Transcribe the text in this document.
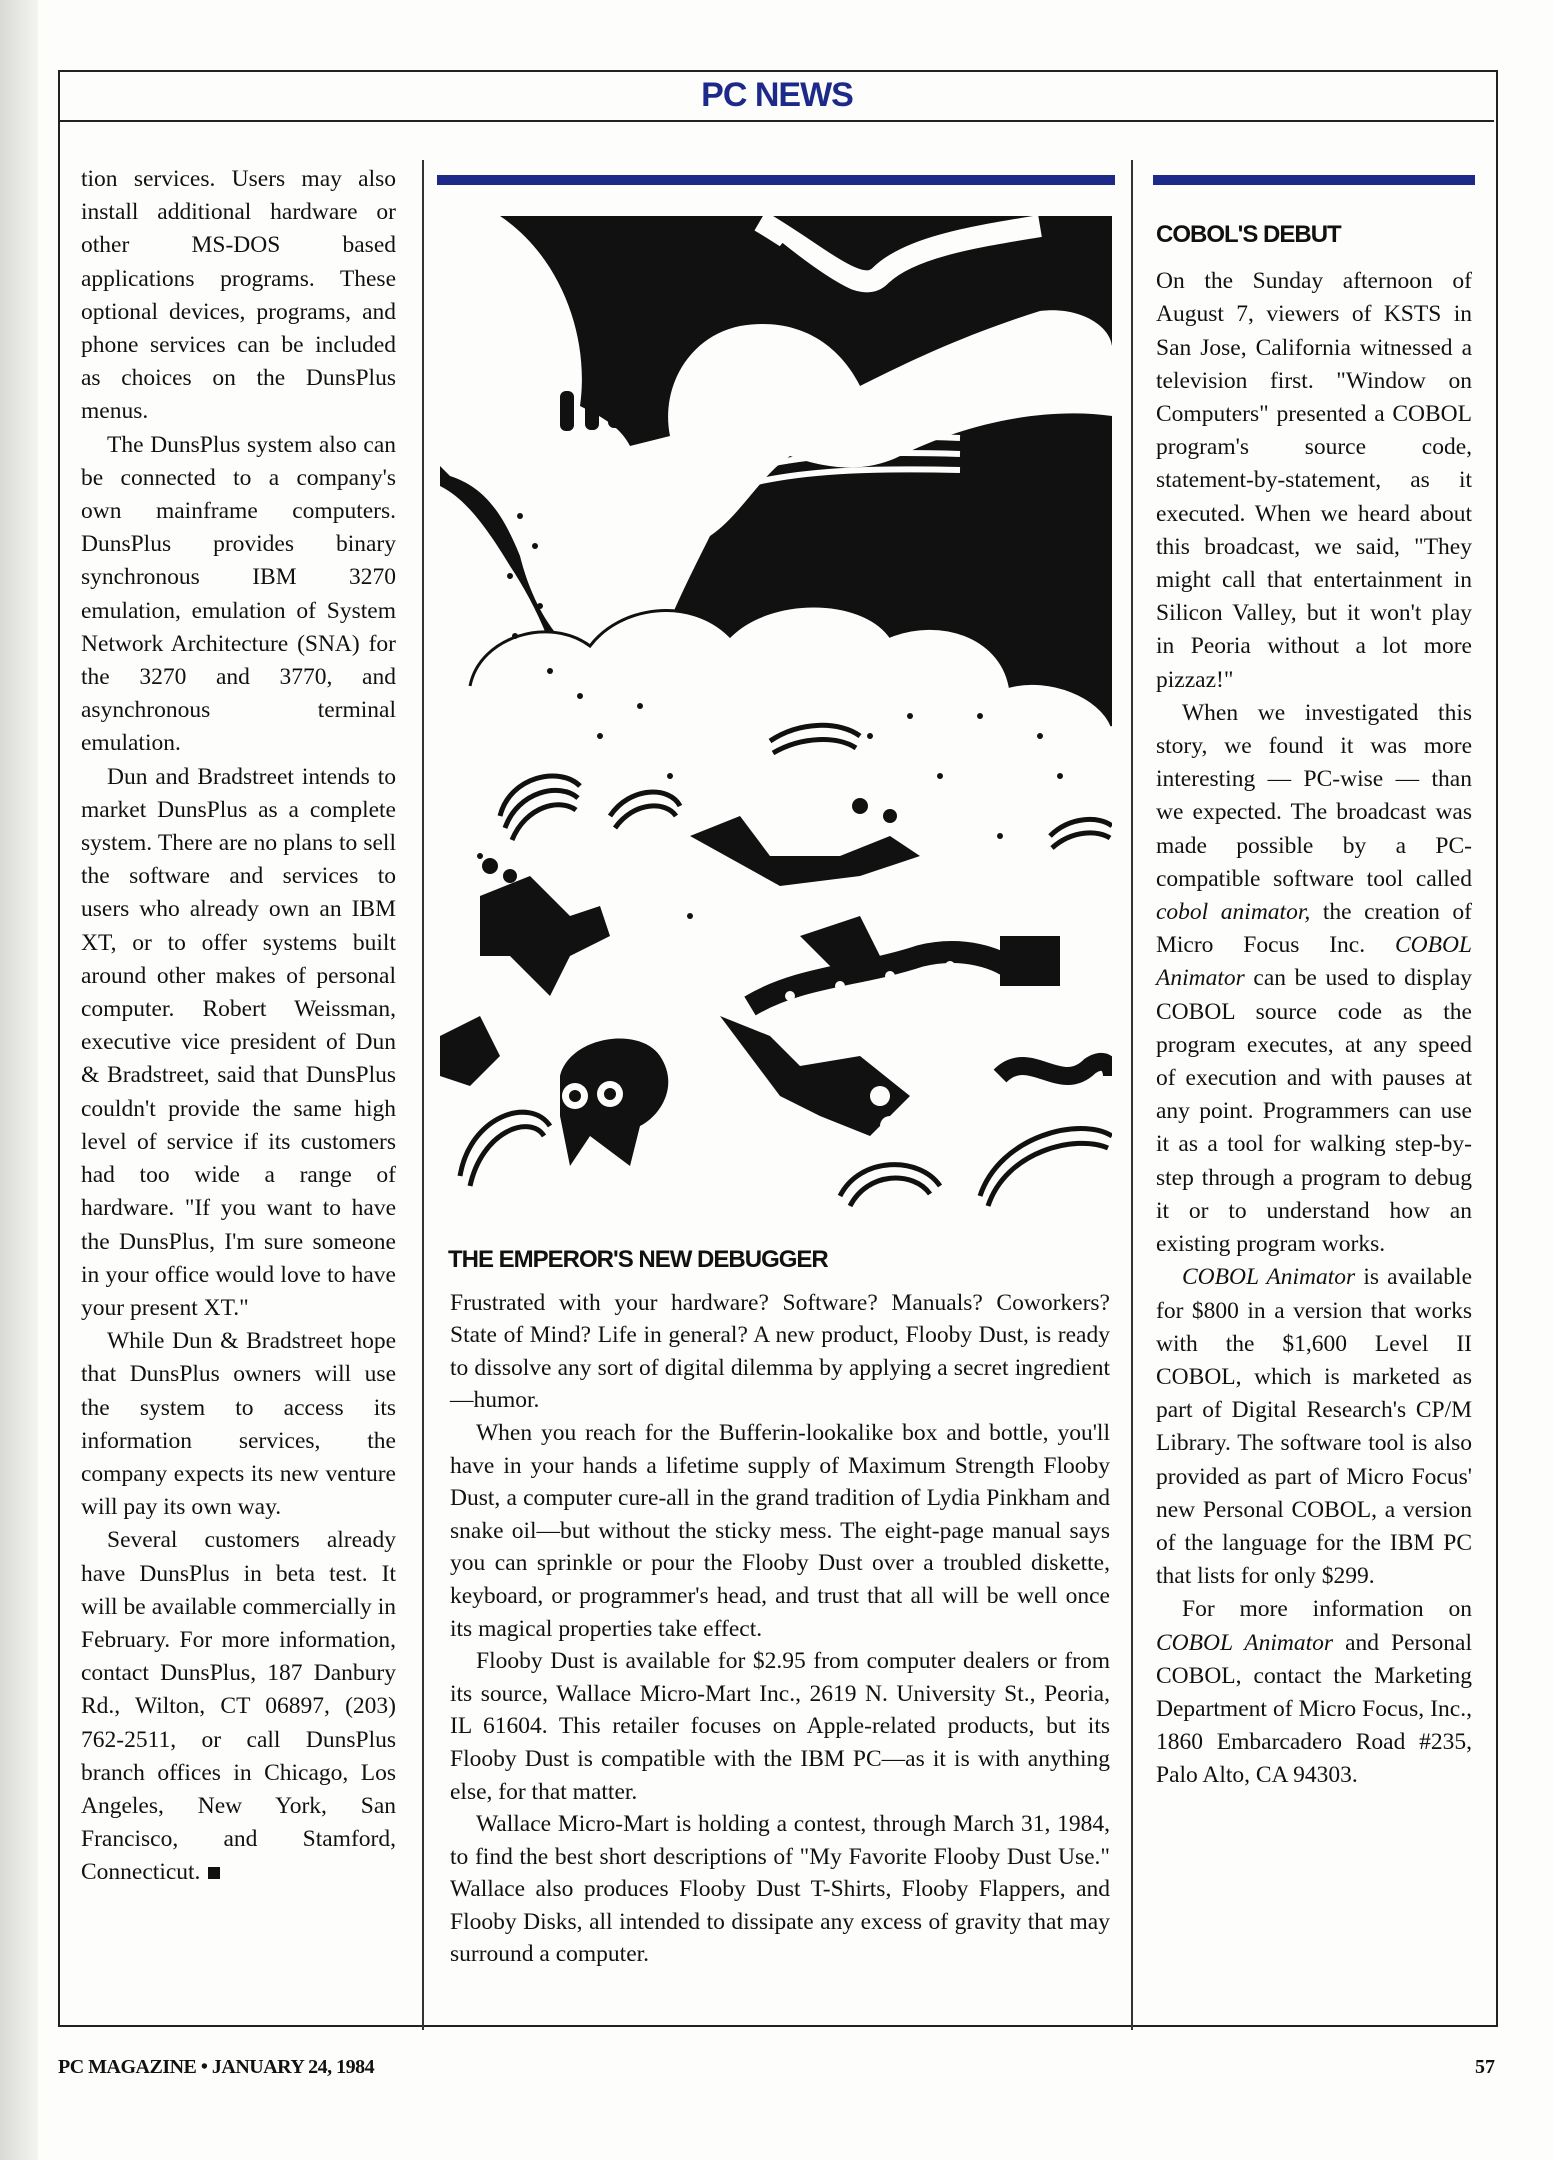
PC NEWS

tion services. Users may also install additional hardware or other MS-DOS based applications programs. These optional devices, programs, and phone services can be included as choices on the DunsPlus menus.

The DunsPlus system also can be connected to a company's own mainframe computers. DunsPlus provides binary synchronous IBM 3270 emulation, emulation of System Network Architecture (SNA) for the 3270 and 3770, and asynchronous terminal emulation.

Dun and Bradstreet intends to market DunsPlus as a complete system. There are no plans to sell the software and services to users who already own an IBM XT, or to offer systems built around other makes of personal computer. Robert Weissman, executive vice president of Dun & Bradstreet, said that DunsPlus couldn't provide the same high level of service if its customers had too wide a range of hardware. "If you want to have the DunsPlus, I'm sure someone in your office would love to have your present XT."

While Dun & Bradstreet hope that DunsPlus owners will use the system to access its information services, the company expects its new venture will pay its own way.

Several customers already have DunsPlus in beta test. It will be available commercially in February. For more information, contact DunsPlus, 187 Danbury Rd., Wilton, CT 06897, (203) 762-2511, or call DunsPlus branch offices in Chicago, Los Angeles, New York, San Francisco, and Stamford, Connecticut.

THE EMPEROR'S NEW DEBUGGER

Frustrated with your hardware? Software? Manuals? Coworkers? State of Mind? Life in general? A new product, Flooby Dust, is ready to dissolve any sort of digital dilemma by applying a secret ingredient—humor.

When you reach for the Bufferin-lookalike box and bottle, you'll have in your hands a lifetime supply of Maximum Strength Flooby Dust, a computer cure-all in the grand tradition of Lydia Pinkham and snake oil—but without the sticky mess. The eight-page manual says you can sprinkle or pour the Flooby Dust over a troubled diskette, keyboard, or programmer's head, and trust that all will be well once its magical properties take effect.

Flooby Dust is available for $2.95 from computer dealers or from its source, Wallace Micro-Mart Inc., 2619 N. University St., Peoria, IL 61604. This retailer focuses on Apple-related products, but its Flooby Dust is compatible with the IBM PC—as it is with anything else, for that matter.

Wallace Micro-Mart is holding a contest, through March 31, 1984, to find the best short descriptions of "My Favorite Flooby Dust Use." Wallace also produces Flooby Dust T-Shirts, Flooby Flappers, and Flooby Disks, all intended to dissipate any excess of gravity that may surround a computer.

COBOL'S DEBUT

On the Sunday afternoon of August 7, viewers of KSTS in San Jose, California witnessed a television first. "Window on Computers" presented a COBOL program's source code, statement-by-statement, as it executed. When we heard about this broadcast, we said, "They might call that entertainment in Silicon Valley, but it won't play in Peoria without a lot more pizzaz!"

When we investigated this story, we found it was more interesting — PC-wise — than we expected. The broadcast was made possible by a PC-compatible software tool called cobol animator, the creation of Micro Focus Inc. COBOL Animator can be used to display COBOL source code as the program executes, at any speed of execution and with pauses at any point. Programmers can use it as a tool for walking step-by-step through a program to debug it or to understand how an existing program works.

COBOL Animator is available for $800 in a version that works with the $1,600 Level II COBOL, which is marketed as part of Digital Research's CP/M Library. The software tool is also provided as part of Micro Focus' new Personal COBOL, a version of the language for the IBM PC that lists for only $299.

For more information on COBOL Animator and Personal COBOL, contact the Marketing Department of Micro Focus, Inc., 1860 Embarcadero Road #235, Palo Alto, CA 94303.

PC MAGAZINE • JANUARY 24, 1984	57
